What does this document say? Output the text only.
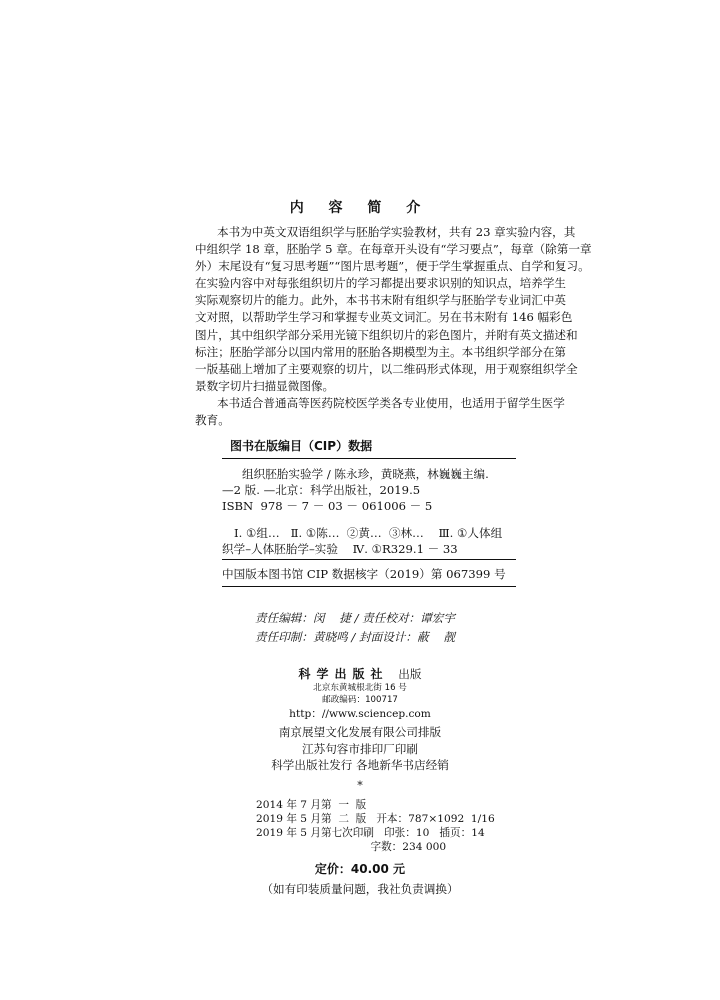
内 容 简 介
本书为中英文双语组织学与胚胎学实验教材，共有 23 章实验内容，其
中组织学 18 章，胚胎学 5 章。在每章开头设有“学习要点”，每章（除第一章
外）末尾设有“复习思考题”“图片思考题”，便于学生掌握重点、自学和复习。
在实验内容中对每张组织切片的学习都提出要求识别的知识点，培养学生
实际观察切片的能力。此外，本书书末附有组织学与胚胎学专业词汇中英
文对照，以帮助学生学习和掌握专业英文词汇。另在书末附有 146 幅彩色
图片，其中组织学部分采用光镜下组织切片的彩色图片，并附有英文描述和
标注；胚胎学部分以国内常用的胚胎各期模型为主。本书组织学部分在第
一版基础上增加了主要观察的切片，以二维码形式体现，用于观察组织学全
景数字切片扫描显微图像。
本书适合普通高等医药院校医学类各专业使用，也适用于留学生医学
教育。
图书在版编目（CIP）数据
组织胚胎实验学 / 陈永珍，黄晓燕，林巍巍主编.
—2 版. —北京：科学出版社，2019.5
ISBN  978 － 7 － 03 － 061006 － 5
Ⅰ. ①组…   Ⅱ. ①陈…  ②黄…  ③林…    Ⅲ. ①人体组
织学–人体胚胎学–实验    Ⅳ. ①R329.1 － 33
中国版本图书馆 CIP 数据核字（2019）第 067399 号
责任编辑：闵    捷 / 责任校对：谭宏宇
责任印制：黄晓鸣 / 封面设计：蔽    靓
科学出版社 出版
北京东黄城根北街 16 号
邮政编码：100717
http：//www.sciencep.com
南京展望文化发展有限公司排版
江苏句容市排印厂印刷
科学出版社发行 各地新华书店经销
*
2014 年 7 月第  一  版
2019 年 5 月第  二  版   开本：787×1092  1/16
2019 年 5 月第七次印刷   印张：10   插页：14
字数：234 000
定价：40.00 元
（如有印装质量问题，我社负责调换）
